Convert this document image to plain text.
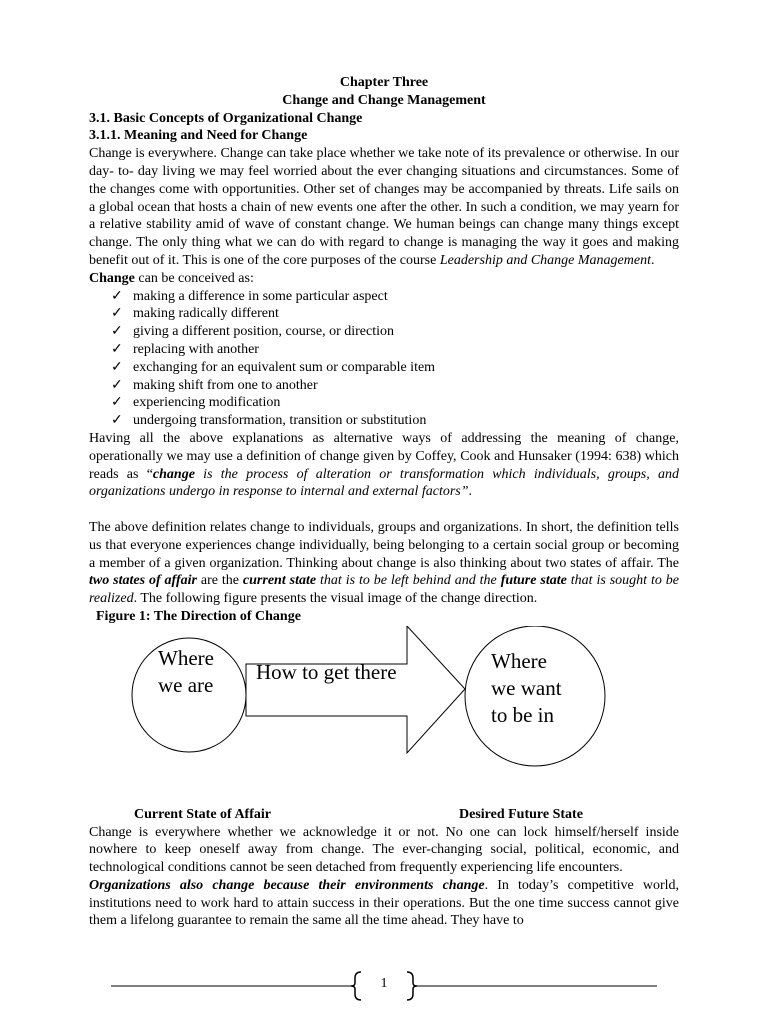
Chapter Three

Change and Change Management

3.1. Basic Concepts of Organizational Change

3.1.1. Meaning and Need for Change

Change is everywhere. Change can take place whether we take note of its prevalence or otherwise. In our day- to- day living we may feel worried about the ever changing situations and circumstances. Some of the changes come with opportunities. Other set of changes may be accompanied by threats. Life sails on a global ocean that hosts a chain of new events one after the other. In such a condition, we may yearn for a relative stability amid of wave of constant change. We human beings can change many things except change. The only thing what we can do with regard to change is managing the way it goes and making benefit out of it. This is one of the core purposes of the course Leadership and Change Management.

Change can be conceived as:

✓ making a difference in some particular aspect
✓ making radically different
✓ giving a different position, course, or direction
✓ replacing with another
✓ exchanging for an equivalent sum or comparable item
✓ making shift from one to another
✓ experiencing modification
✓ undergoing transformation, transition or substitution

Having all the above explanations as alternative ways of addressing the meaning of change, operationally we may use a definition of change given by Coffey, Cook and Hunsaker (1994: 638) which reads as “change is the process of alteration or transformation which individuals, groups, and organizations undergo in response to internal and external factors”.

The above definition relates change to individuals, groups and organizations. In short, the definition tells us that everyone experiences change individually, being belonging to a certain social group or becoming a member of a given organization. Thinking about change is also thinking about two states of affair. The two states of affair are the current state that is to be left behind and the future state that is sought to be realized. The following figure presents the visual image of the change direction.

Figure 1: The Direction of Change

Where
we are
How to get there	Where
we want
to be in
Current State of Affair	Desired Future State

Change is everywhere whether we acknowledge it or not. No one can lock himself/herself inside nowhere to keep oneself away from change. The ever-changing social, political, economic, and technological conditions cannot be seen detached from frequently experiencing life encounters.

Organizations also change because their environments change. In today’s competitive world, institutions need to work hard to attain success in their operations. But the one time success cannot give them a lifelong guarantee to remain the same all the time ahead. They have to

1
